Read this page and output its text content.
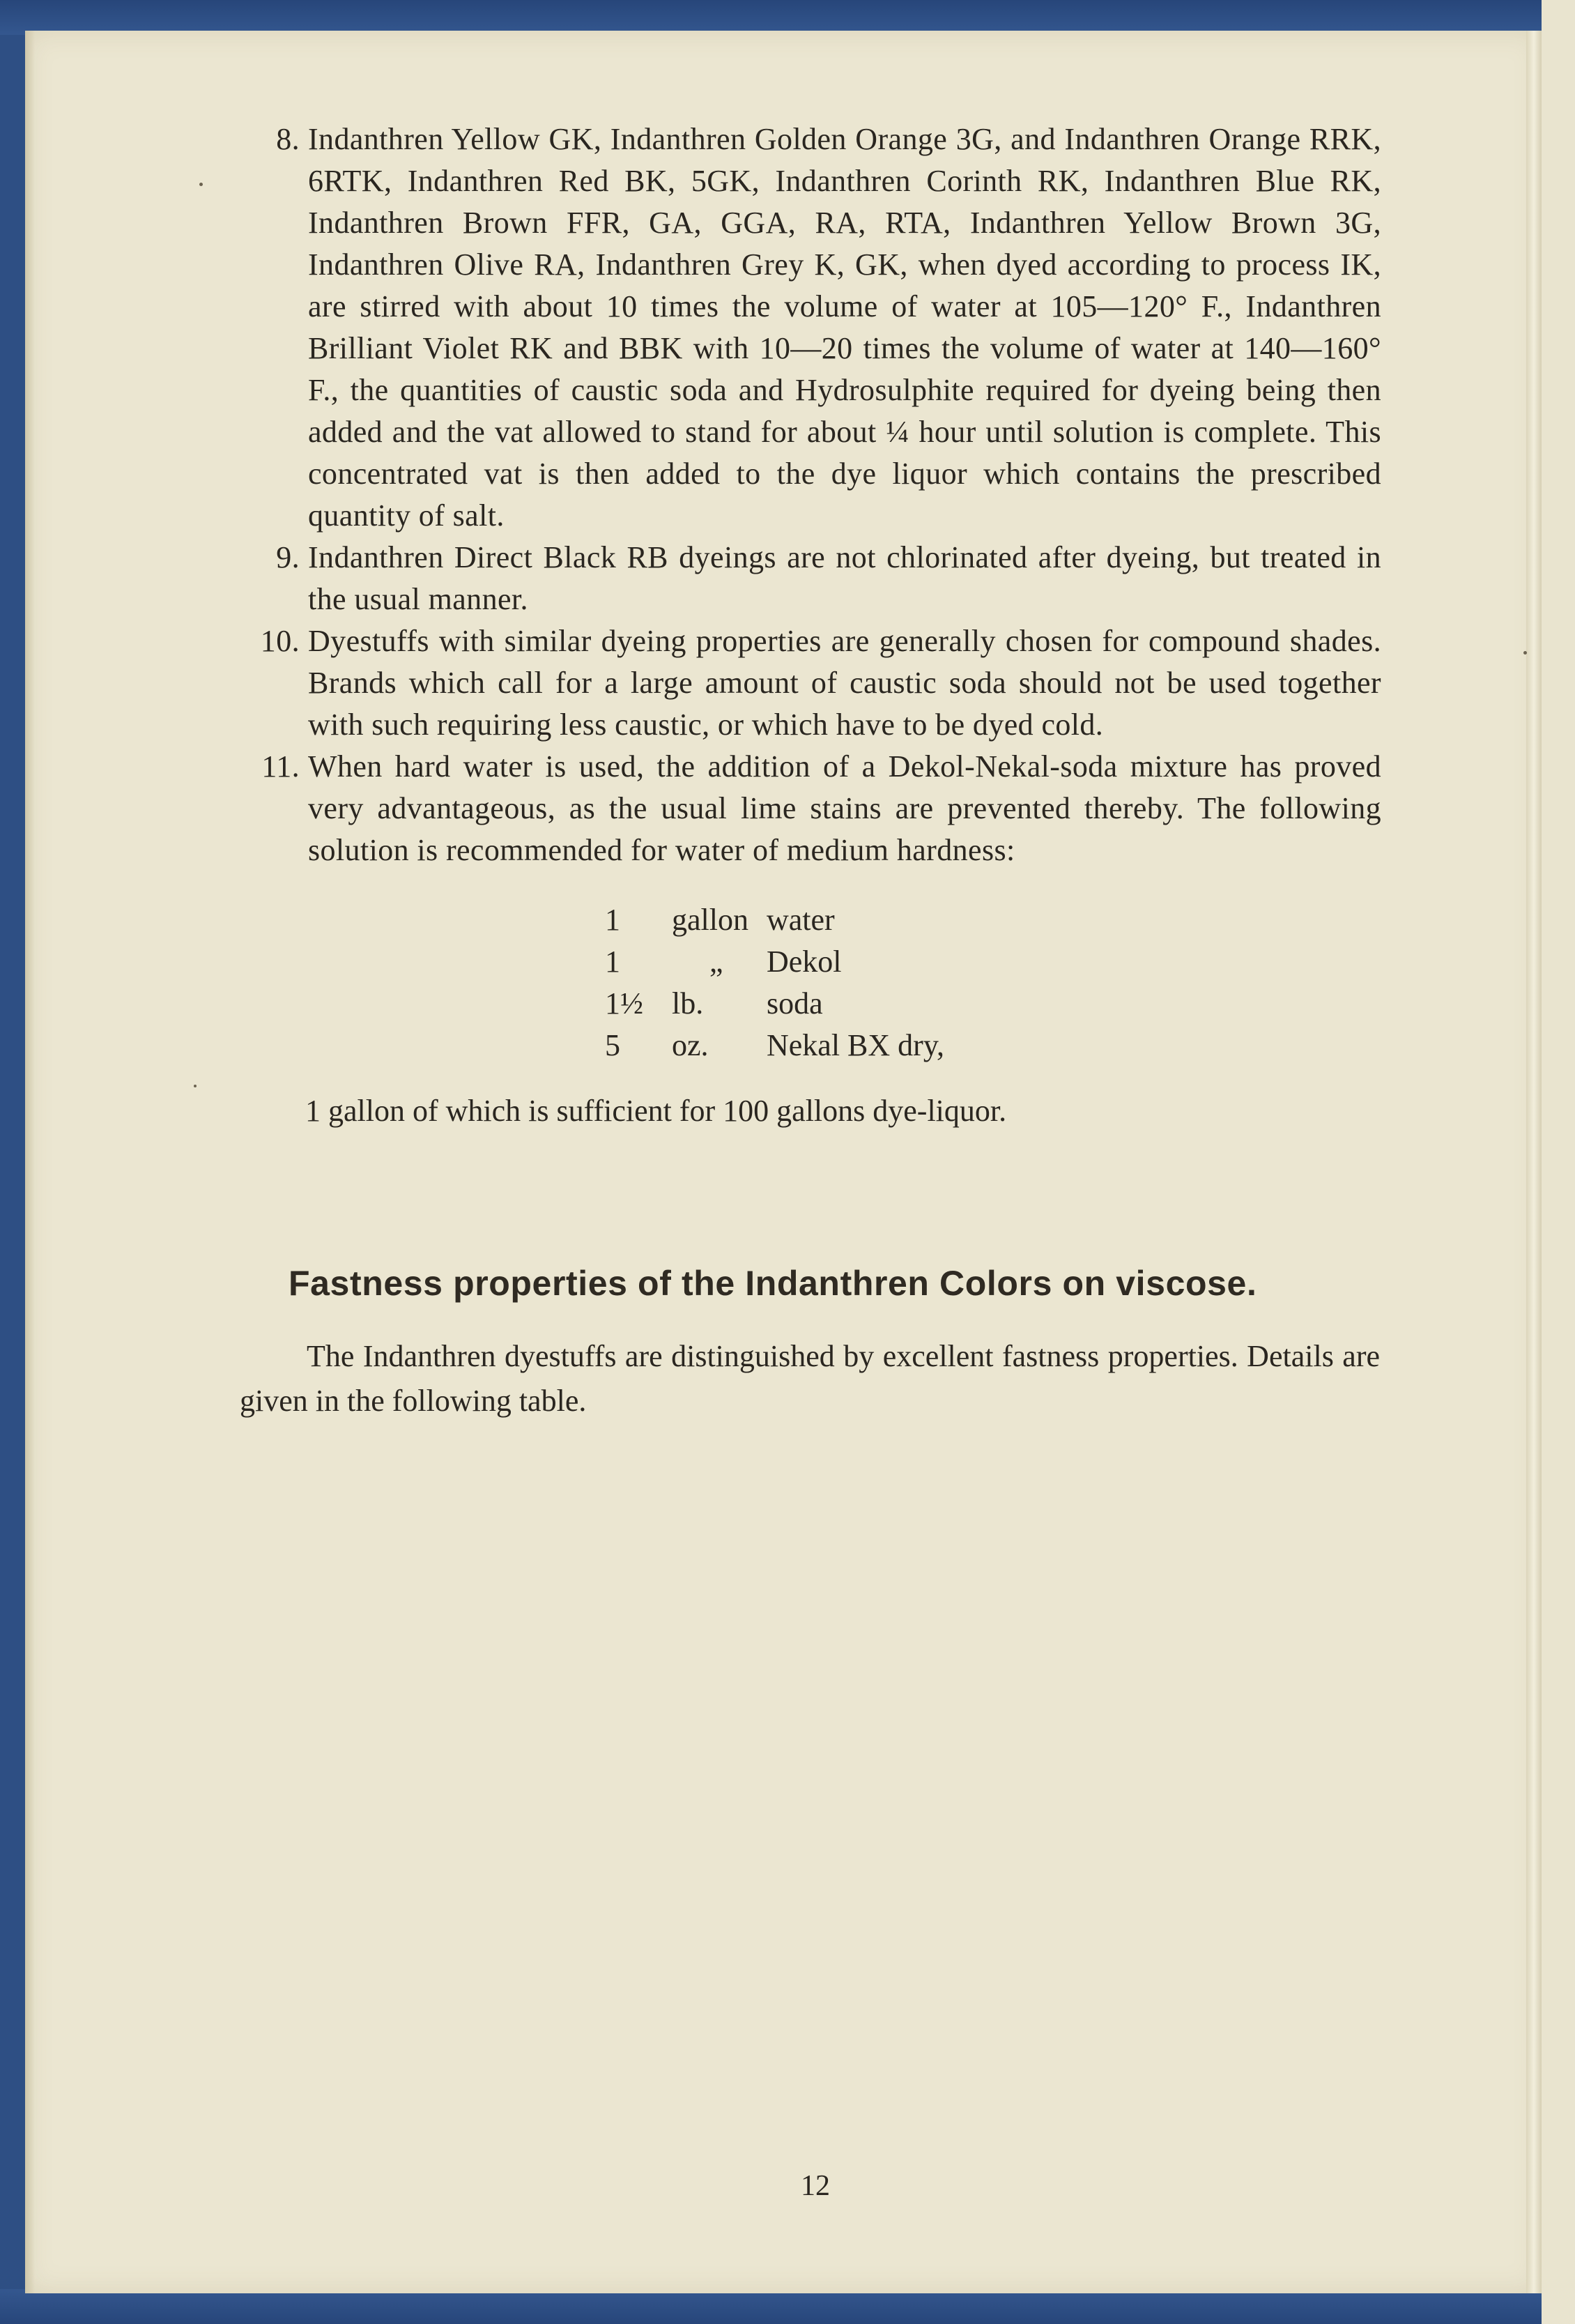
8. Indanthren Yellow GK, Indanthren Golden Orange 3G, and Indanthren Orange RRK, 6RTK, Indanthren Red BK, 5GK, Indanthren Corinth RK, Indanthren Blue RK, Indanthren Brown FFR, GA, GGA, RA, RTA, Indanthren Yellow Brown 3G, Indanthren Olive RA, Indanthren Grey K, GK, when dyed according to process IK, are stirred with about 10 times the volume of water at 105—120° F., Indanthren Brilliant Violet RK and BBK with 10—20 times the volume of water at 140—160° F., the quantities of caustic soda and Hydrosulphite required for dyeing being then added and the vat allowed to stand for about ¼ hour until solution is complete. This concentrated vat is then added to the dye liquor which contains the prescribed quantity of salt.
9. Indanthren Direct Black RB dyeings are not chlorinated after dyeing, but treated in the usual manner.
10. Dyestuffs with similar dyeing properties are generally chosen for compound shades. Brands which call for a large amount of caustic soda should not be used together with such requiring less caustic, or which have to be dyed cold.
11. When hard water is used, the addition of a Dekol-Nekal-soda mixture has proved very advantageous, as the usual lime stains are prevented thereby. The following solution is recommended for water of medium hardness:
1 gallon water
1	„ Dekol
1½ lb. soda
5 oz. Nekal BX dry,
1 gallon of which is sufficient for 100 gallons dye-liquor.
Fastness properties of the Indanthren Colors on viscose.
The Indanthren dyestuffs are distinguished by excellent fastness properties. Details are given in the following table.
12
